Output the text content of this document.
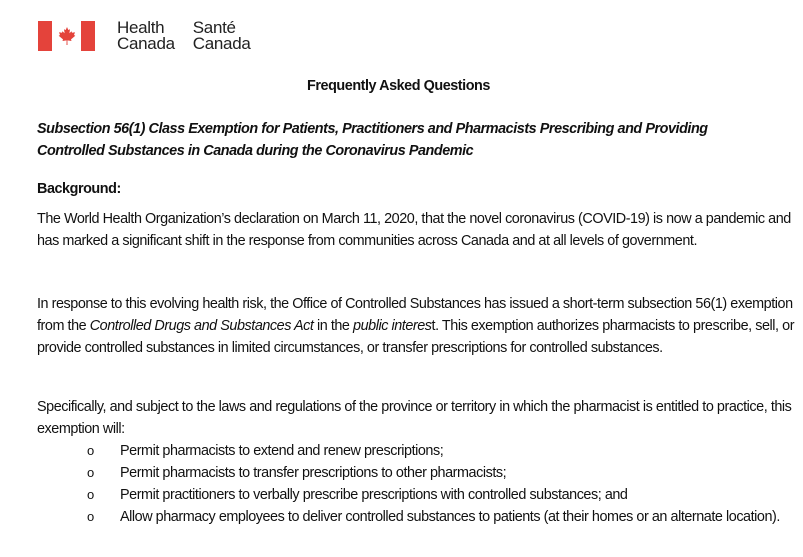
Health
Canada
Santé
Canada
Frequently Asked Questions
Subsection 56(1) Class Exemption for Patients, Practitioners and Pharmacists Prescribing and Providing Controlled Substances in Canada during the Coronavirus Pandemic
Background:
The World Health Organization’s declaration on March 11, 2020, that the novel coronavirus (COVID-19) is now a pandemic and has marked a significant shift in the response from communities across Canada and at all levels of government.
In response to this evolving health risk, the Office of Controlled Substances has issued a short-term subsection 56(1) exemption from the Controlled Drugs and Substances Act in the public interest. This exemption authorizes pharmacists to prescribe, sell, or provide controlled substances in limited circumstances, or transfer prescriptions for controlled substances.
Specifically, and subject to the laws and regulations of the province or territory in which the pharmacist is entitled to practice, this exemption will:
o Permit pharmacists to extend and renew prescriptions;
o Permit pharmacists to transfer prescriptions to other pharmacists;
o Permit practitioners to verbally prescribe prescriptions with controlled substances; and
o Allow pharmacy employees to deliver controlled substances to patients (at their homes or an alternate location).
